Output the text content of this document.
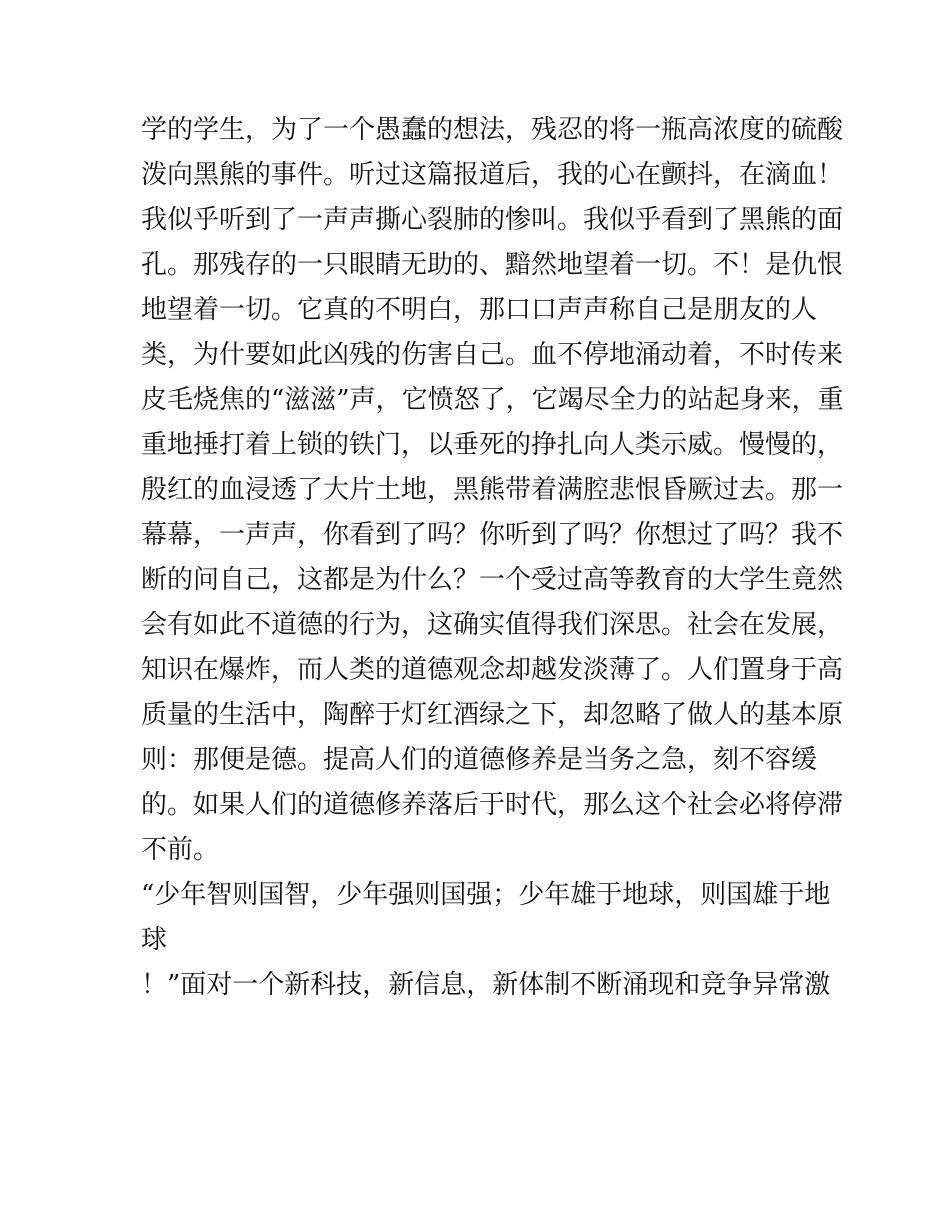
学的学生，为了一个愚蠢的想法，残忍的将一瓶高浓度的硫酸

泼向黑熊的事件。听过这篇报道后，我的心在颤抖，在滴血！

我似乎听到了一声声撕心裂肺的惨叫。我似乎看到了黑熊的面

孔。那残存的一只眼睛无助的、黯然地望着一切。不！是仇恨

地望着一切。它真的不明白，那口口声声称自己是朋友的人

类，为什要如此凶残的伤害自己。血不停地涌动着，不时传来

皮毛烧焦的“滋滋”声，它愤怒了，它竭尽全力的站起身来，重

重地捶打着上锁的铁门，以垂死的挣扎向人类示威。慢慢的，

殷红的血浸透了大片土地，黑熊带着满腔悲恨昏厥过去。那一

幕幕，一声声，你看到了吗？你听到了吗？你想过了吗？我不

断的问自己，这都是为什么？一个受过高等教育的大学生竟然

会有如此不道德的行为，这确实值得我们深思。社会在发展，

知识在爆炸，而人类的道德观念却越发淡薄了。人们置身于高

质量的生活中，陶醉于灯红酒绿之下，却忽略了做人的基本原

则：那便是德。提高人们的道德修养是当务之急，刻不容缓

的。如果人们的道德修养落后于时代，那么这个社会必将停滞

不前。

“少年智则国智，少年强则国强；少年雄于地球，则国雄于地

球

！”面对一个新科技，新信息，新体制不断涌现和竞争异常激
